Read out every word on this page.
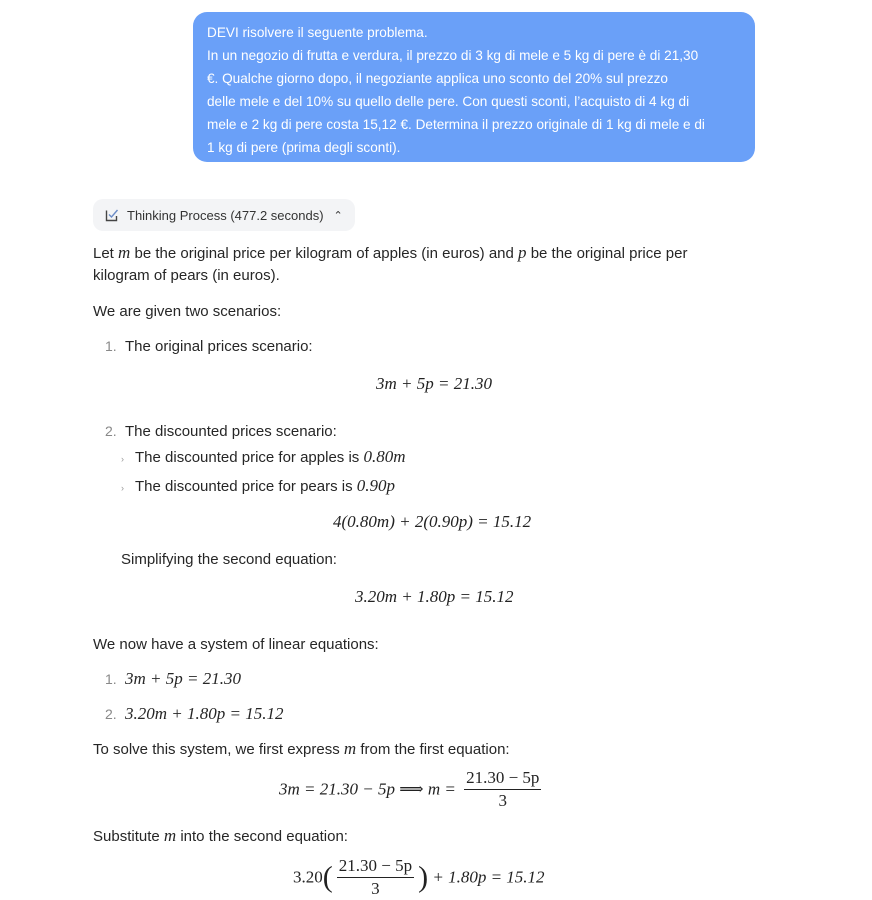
DEVI risolvere il seguente problema.
In un negozio di frutta e verdura, il prezzo di 3 kg di mele e 5 kg di pere è di 21,30
€. Qualche giorno dopo, il negoziante applica uno sconto del 20% sul prezzo
delle mele e del 10% su quello delle pere. Con questi sconti, l’acquisto di 4 kg di
mele e 2 kg di pere costa 15,12 €. Determina il prezzo originale di 1 kg di mele e di
1 kg di pere (prima degli sconti).
Thinking Process (477.2 seconds) ⌃
Let m be the original price per kilogram of apples (in euros) and p be the original price per
kilogram of pears (in euros).
We are given two scenarios:
1. The original prices scenario:
3m + 5p = 21.30
2. The discounted prices scenario:
› The discounted price for apples is 0.80m
› The discounted price for pears is 0.90p
4(0.80m) + 2(0.90p) = 15.12
Simplifying the second equation:
3.20m + 1.80p = 15.12
We now have a system of linear equations:
1. 3m + 5p = 21.30
2. 3.20m + 1.80p = 15.12
To solve this system, we first express m from the first equation:
3m = 21.30 − 5p ⟹ $m = \frac{21.30 - 5p}{3}$
Substitute m into the second equation:
$3.20( \frac{21.30 - 5p}{3}$ ) + 1.80p = 15.12
